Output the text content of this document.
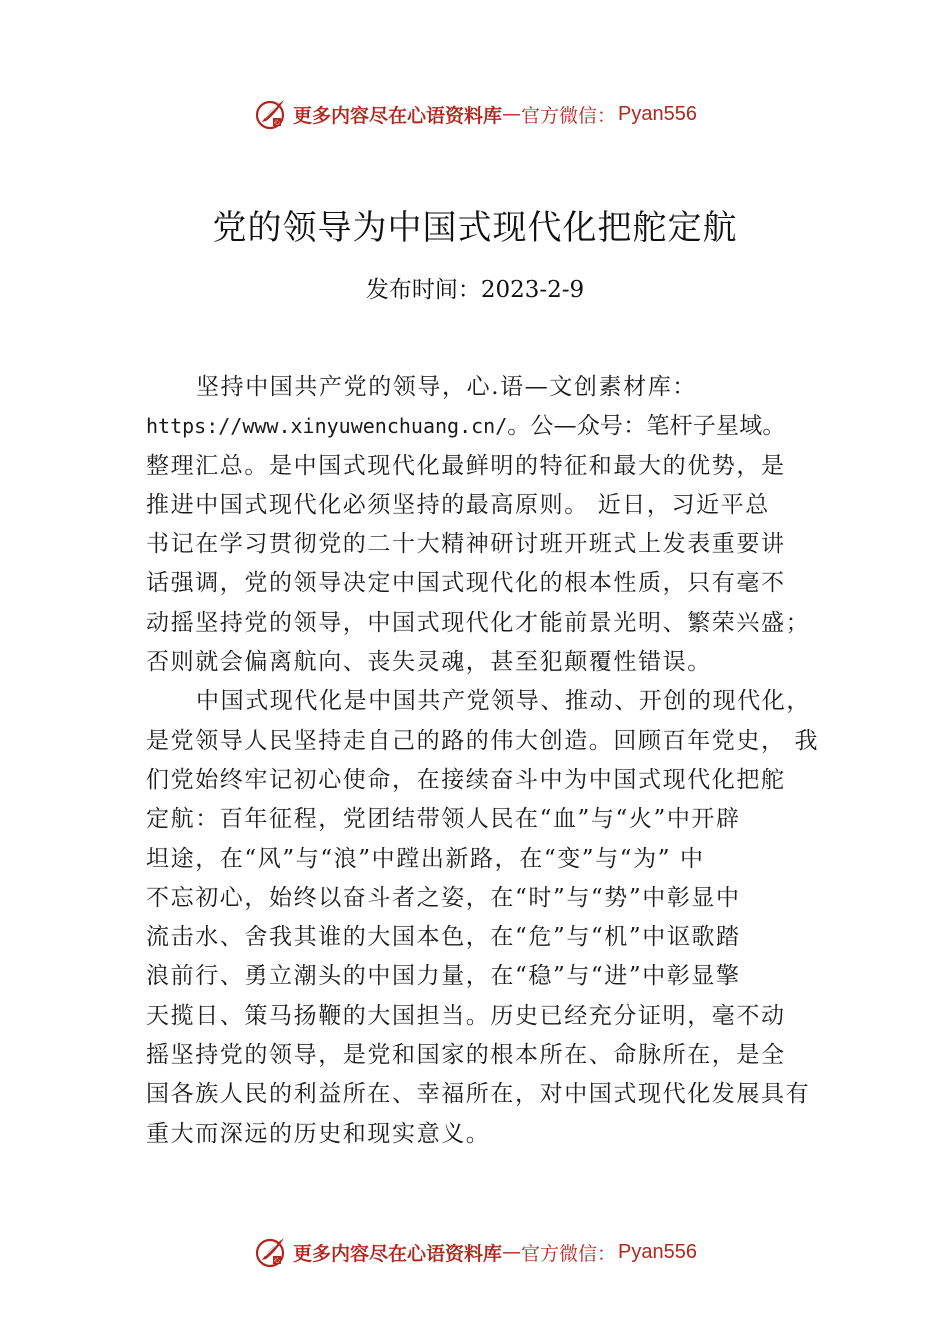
心 更多内容尽在心语资料库 — 官方微信： Pyan556
党的领导为中国式现代化把舵定航
发布时间：2023-2-9
坚持中国共产党的领导，心.语—文创素材库：
https://www.xinyuwenchuang.cn/。公—众号：笔杆子星域。
整理汇总。是中国式现代化最鲜明的特征和最大的优势，是
推进中国式现代化必须坚持的最高原则。 近日，习近平总
书记在学习贯彻党的二十大精神研讨班开班式上发表重要讲
话强调，党的领导决定中国式现代化的根本性质，只有毫不
动摇坚持党的领导，中国式现代化才能前景光明、繁荣兴盛；
否则就会偏离航向、丧失灵魂，甚至犯颠覆性错误。
中国式现代化是中国共产党领导、推动、开创的现代化，
是党领导人民坚持走自己的路的伟大创造。回顾百年党史， 我
们党始终牢记初心使命，在接续奋斗中为中国式现代化把舵
定航：百年征程，党团结带领人民在“血”与“火”中开辟
坦途，在“风”与“浪”中蹚出新路，在“变”与“为” 中
不忘初心，始终以奋斗者之姿，在“时”与“势”中彰显中
流击水、舍我其谁的大国本色，在“危”与“机”中讴歌踏
浪前行、勇立潮头的中国力量，在“稳”与“进”中彰显擎
天揽日、策马扬鞭的大国担当。历史已经充分证明，毫不动
摇坚持党的领导，是党和国家的根本所在、命脉所在，是全
国各族人民的利益所在、幸福所在，对中国式现代化发展具有
重大而深远的历史和现实意义。
心 更多内容尽在心语资料库 — 官方微信： Pyan556
